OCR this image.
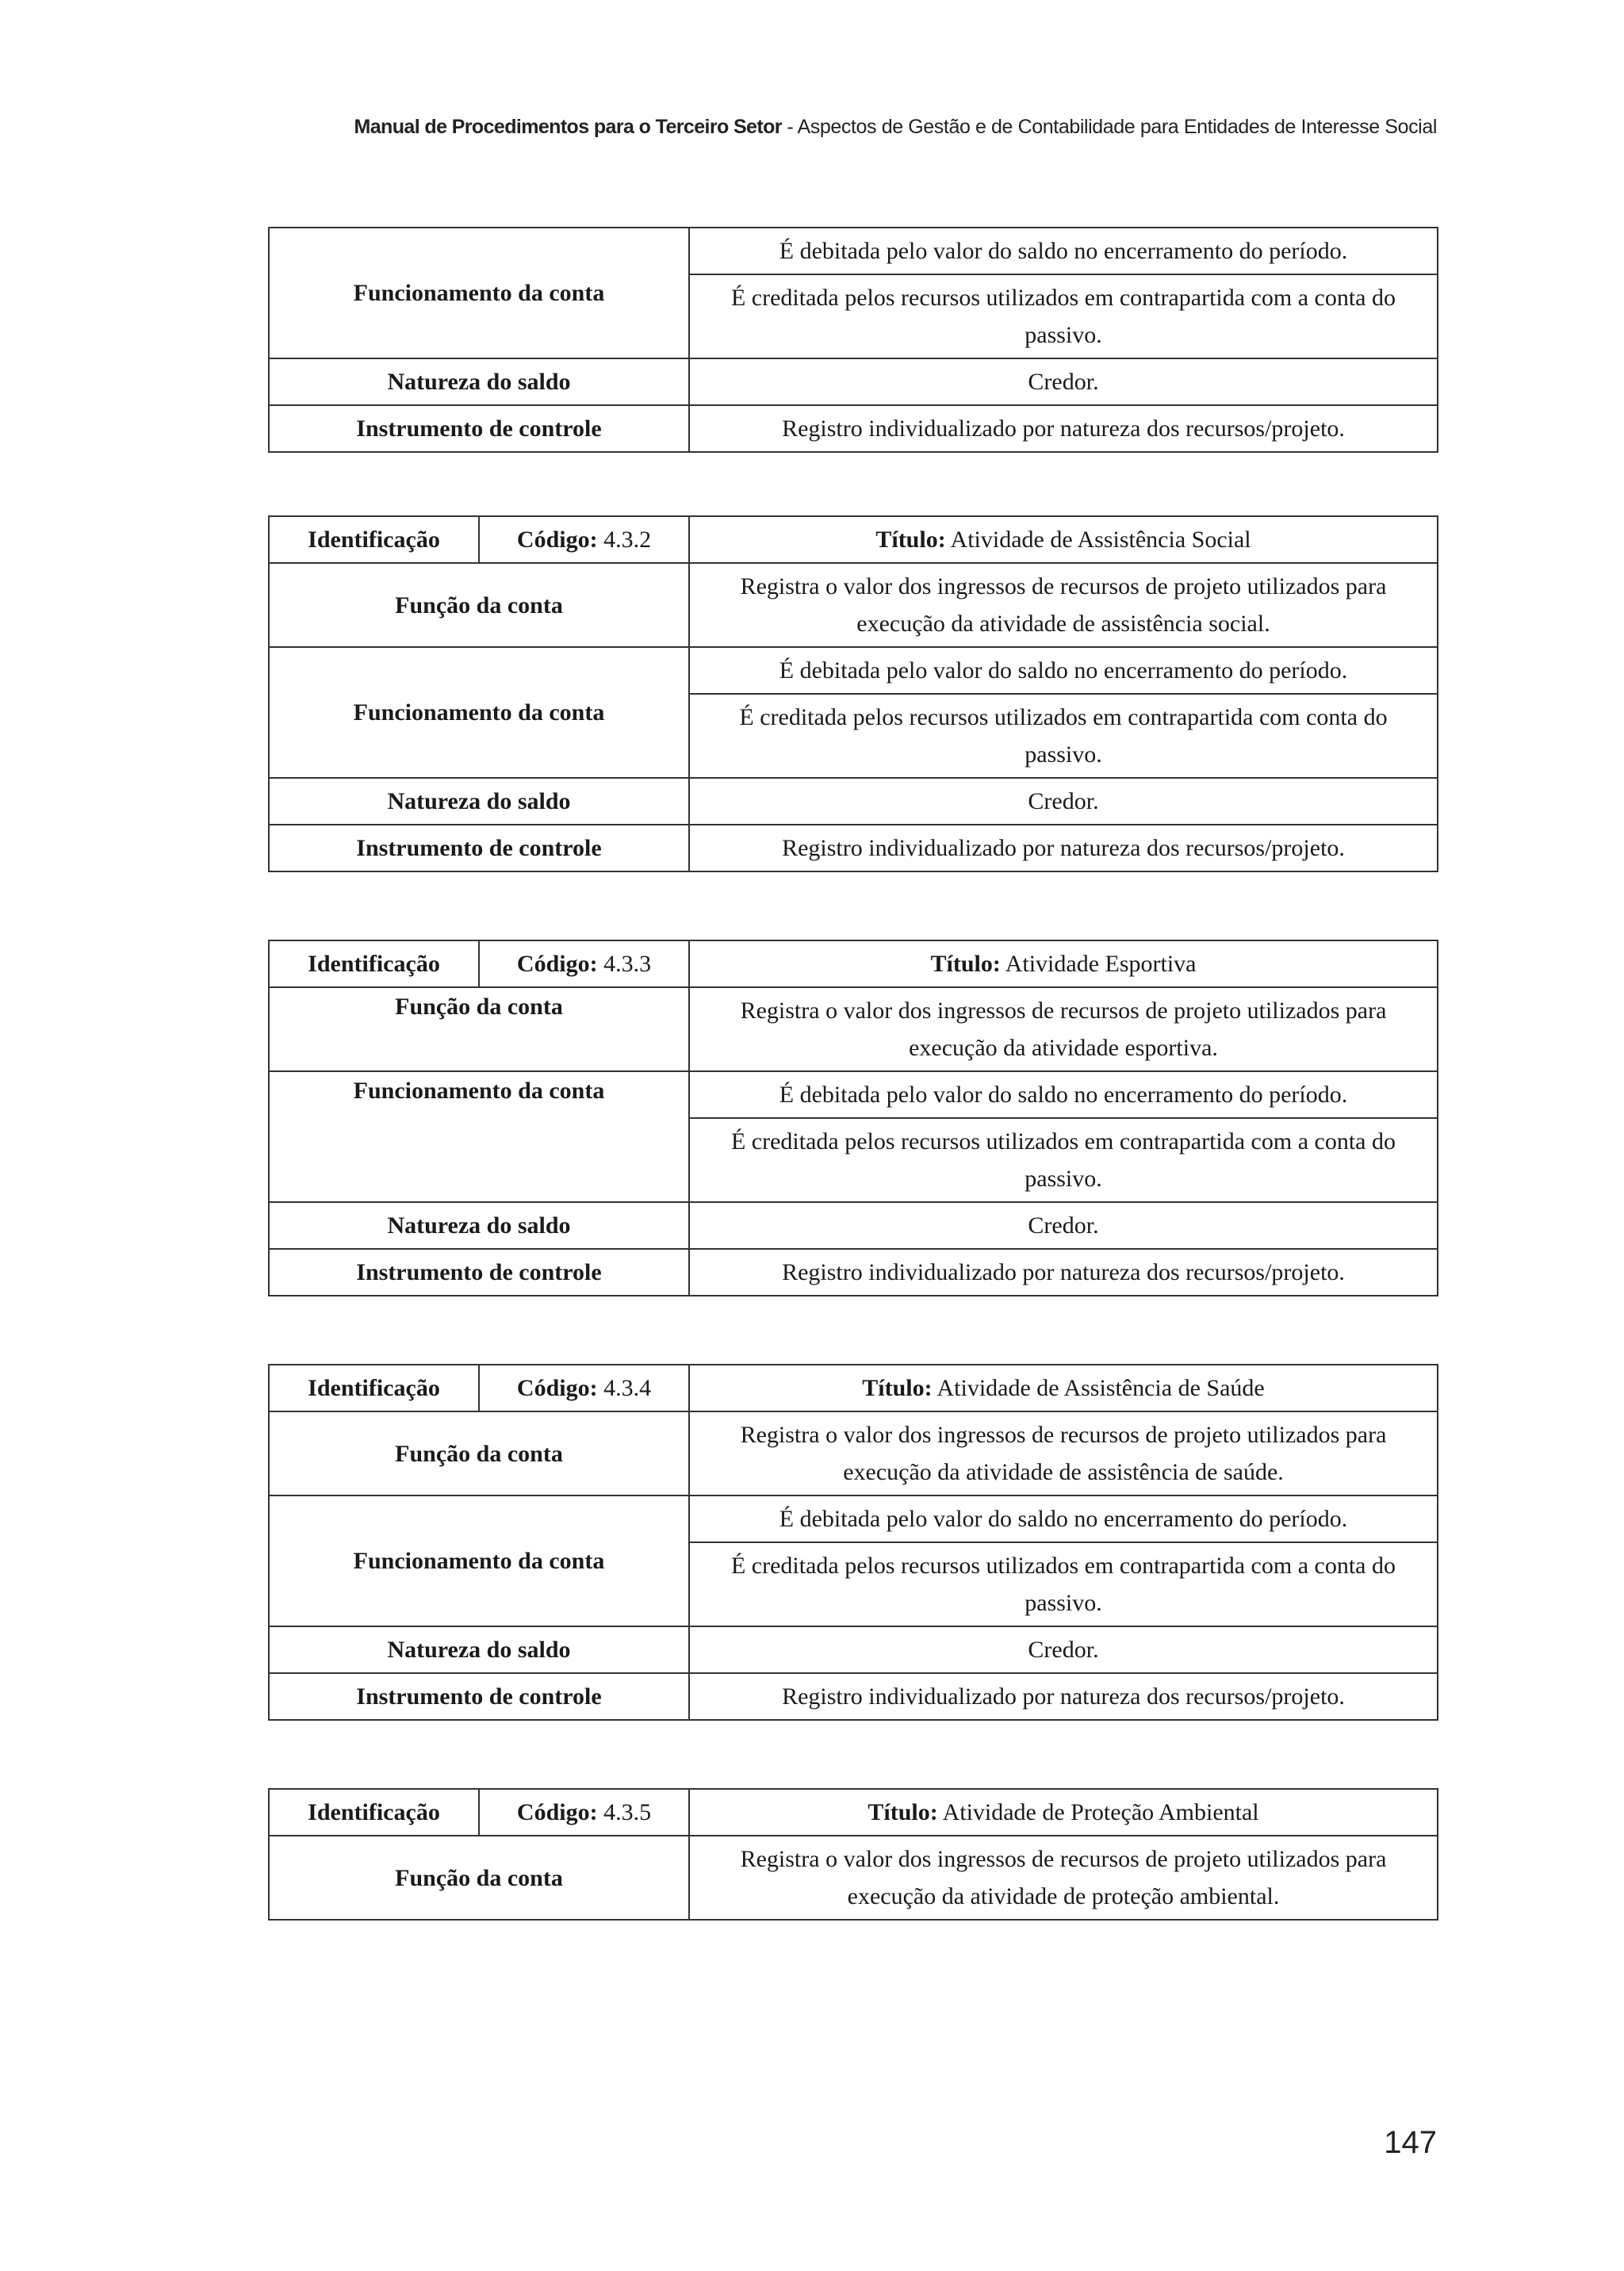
Manual de Procedimentos para o Terceiro Setor - Aspectos de Gestão e de Contabilidade para Entidades de Interesse Social
Funcionamento da conta	É debitada pelo valor do saldo no encerramento do período.
	É creditada pelos recursos utilizados em contrapartida com a conta do passivo.
Natureza do saldo	Credor.
Instrumento de controle	Registro individualizado por natureza dos recursos/projeto.
Identificação	Código: 4.3.2	Título: Atividade de Assistência Social
Função da conta		Registra o valor dos ingressos de recursos de projeto utilizados para execução da atividade de assistência social.
Funcionamento da conta		É debitada pelo valor do saldo no encerramento do período.
		É creditada pelos recursos utilizados em contrapartida com conta do passivo.
Natureza do saldo		Credor.
Instrumento de controle		Registro individualizado por natureza dos recursos/projeto.
Identificação	Código: 4.3.3	Título: Atividade Esportiva
Função da conta		Registra o valor dos ingressos de recursos de projeto utilizados para execução da atividade esportiva.
Funcionamento da conta		É debitada pelo valor do saldo no encerramento do período.
		É creditada pelos recursos utilizados em contrapartida com a conta do passivo.
Natureza do saldo		Credor.
Instrumento de controle		Registro individualizado por natureza dos recursos/projeto.
Identificação	Código: 4.3.4	Título: Atividade de Assistência de Saúde
Função da conta		Registra o valor dos ingressos de recursos de projeto utilizados para execução da atividade de assistência de saúde.
Funcionamento da conta		É debitada pelo valor do saldo no encerramento do período.
		É creditada pelos recursos utilizados em contrapartida com a conta do passivo.
Natureza do saldo		Credor.
Instrumento de controle		Registro individualizado por natureza dos recursos/projeto.
Identificação	Código: 4.3.5	Título: Atividade de Proteção Ambiental
Função da conta		Registra o valor dos ingressos de recursos de projeto utilizados para execução da atividade de proteção ambiental.
147
